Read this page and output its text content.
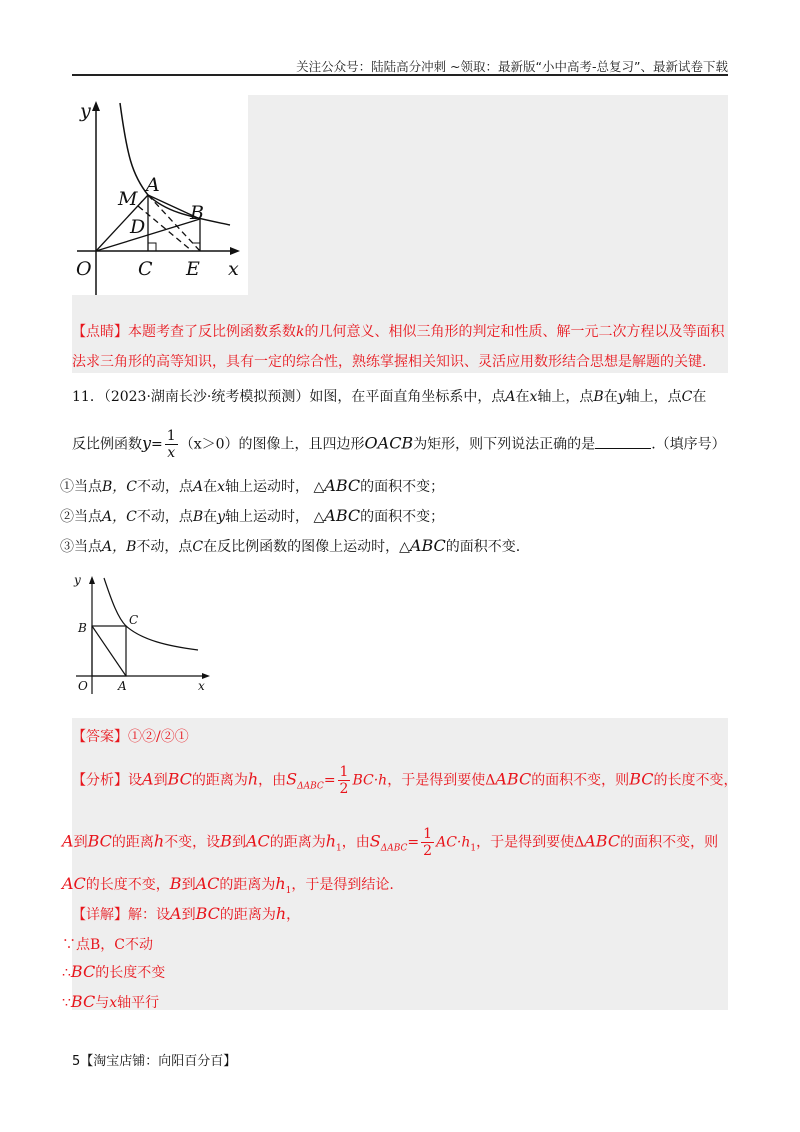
关注公众号：陆陆高分冲刺 ~领取：最新版“小中高考-总复习”、最新试卷下载
y
M
A
B
D
O C E x
【点睛】本题考查了反比例函数系数k的几何意义、相似三角形的判定和性质、解一元二次方程以及等面积
法求三角形的高等知识，具有一定的综合性，熟练掌握相关知识、灵活应用数形结合思想是解题的关键.
11．（2023·湖南长沙·统考模拟预测）如图，在平面直角坐标系中，点A在x轴上，点B在y轴上，点C在
反比例函数$y= \frac{1}{x} (x>0)$的图像上，且四边形OACB为矩形，则下列说法正确的是	.（填序号）
①当点B，C不动，点A在x轴上运动时， △ABC的面积不变；
②当点A，C不动，点B在y轴上运动时， △ABC的面积不变；
③当点A，B不动，点C在反比例函数的图像上运动时，△ABC的面积不变.
y
B
C
O	A	x
【答案】①②/②①
【分析】设A到BC的距离为h，由$S_{\Delta ABC}= \frac{1}{2} BC\cdot h$，于是得到要使ΔABC的面积不变，则BC的长度不变，
A到BC的距离h不变，设B到AC的距离为$h_1$，由$S_{\Delta ABC}= \frac{1}{2} AC\cdot h_1$，于是得到要使ΔABC的面积不变，则
AC的长度不变，B到AC的距离为$h_1$，于是得到结论.
【详解】解：设A到BC的距离为h，
∵点B，C不动
∴BC的长度不变
∵BC与x轴平行
5【淘宝店铺：向阳百分百】
